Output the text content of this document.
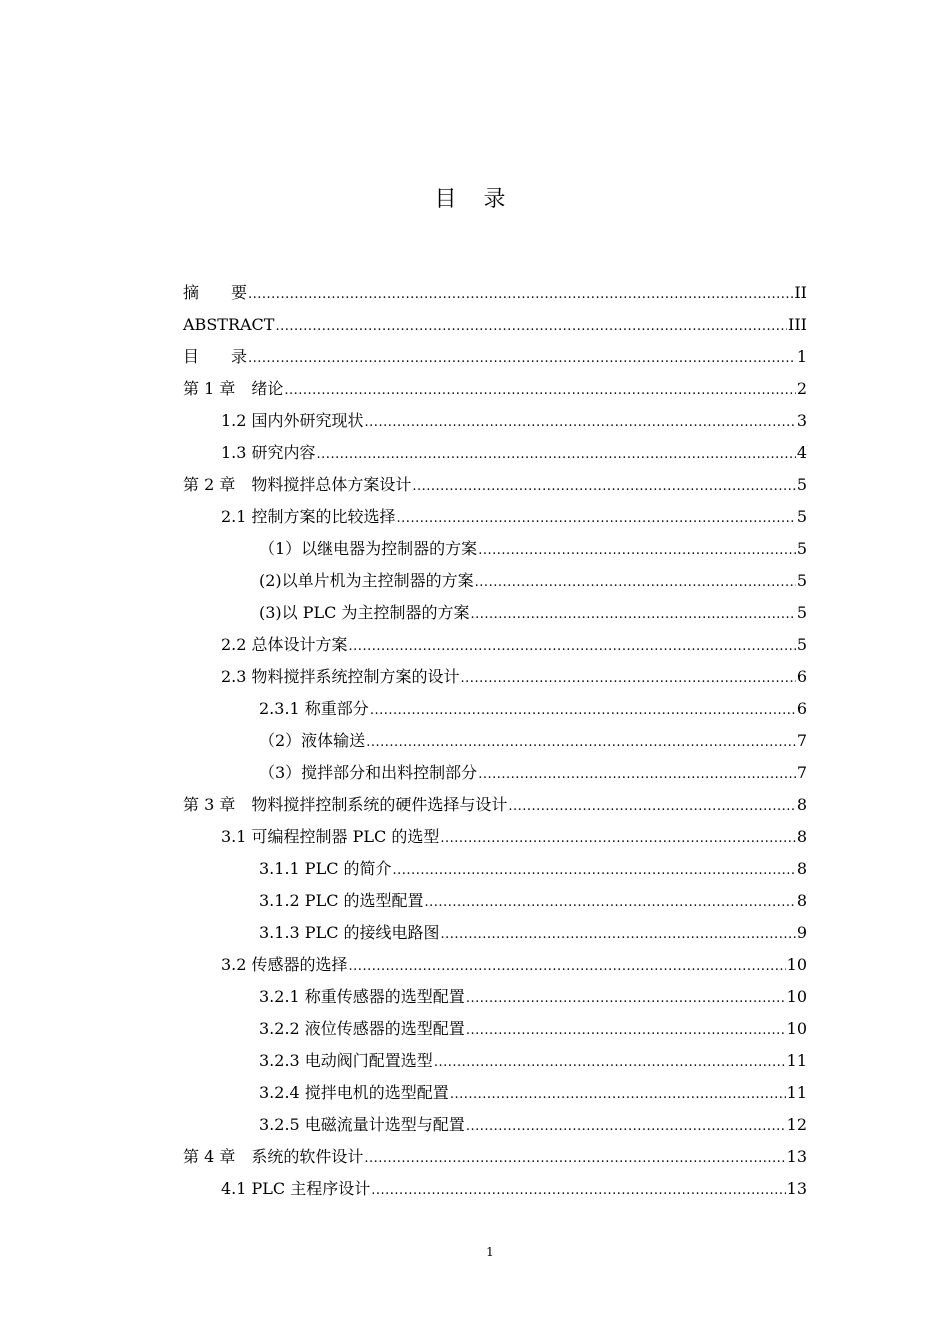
目 录
摘　　要 .....	II
ABSTRACT .....	III
目　　录 .....	1
第 1 章　绪论 .....	2
1.2 国内外研究现状 .....	3
1.3 研究内容 .....	4
第 2 章　物料搅拌总体方案设计 .....	5
2.1 控制方案的比较选择 .....	5
（1）以继电器为控制器的方案 .....	5
(2)以单片机为主控制器的方案 .....	5
(3)以 PLC 为主控制器的方案 .....	5
2.2 总体设计方案 .....	5
2.3 物料搅拌系统控制方案的设计 .....	6
2.3.1 称重部分 .....	6
（2）液体输送 .....	7
（3）搅拌部分和出料控制部分 .....	7
第 3 章　物料搅拌控制系统的硬件选择与设计 .....	8
3.1 可编程控制器 PLC 的选型 .....	8
3.1.1 PLC 的简介 .....	8
3.1.2 PLC 的选型配置 .....	8
3.1.3 PLC 的接线电路图 .....	9
3.2 传感器的选择 .....	10
3.2.1 称重传感器的选型配置 .....	10
3.2.2 液位传感器的选型配置 .....	10
3.2.3 电动阀门配置选型 .....	11
3.2.4 搅拌电机的选型配置 .....	11
3.2.5 电磁流量计选型与配置 .....	12
第 4 章　系统的软件设计 .....	13
4.1 PLC 主程序设计 .....	13
1
